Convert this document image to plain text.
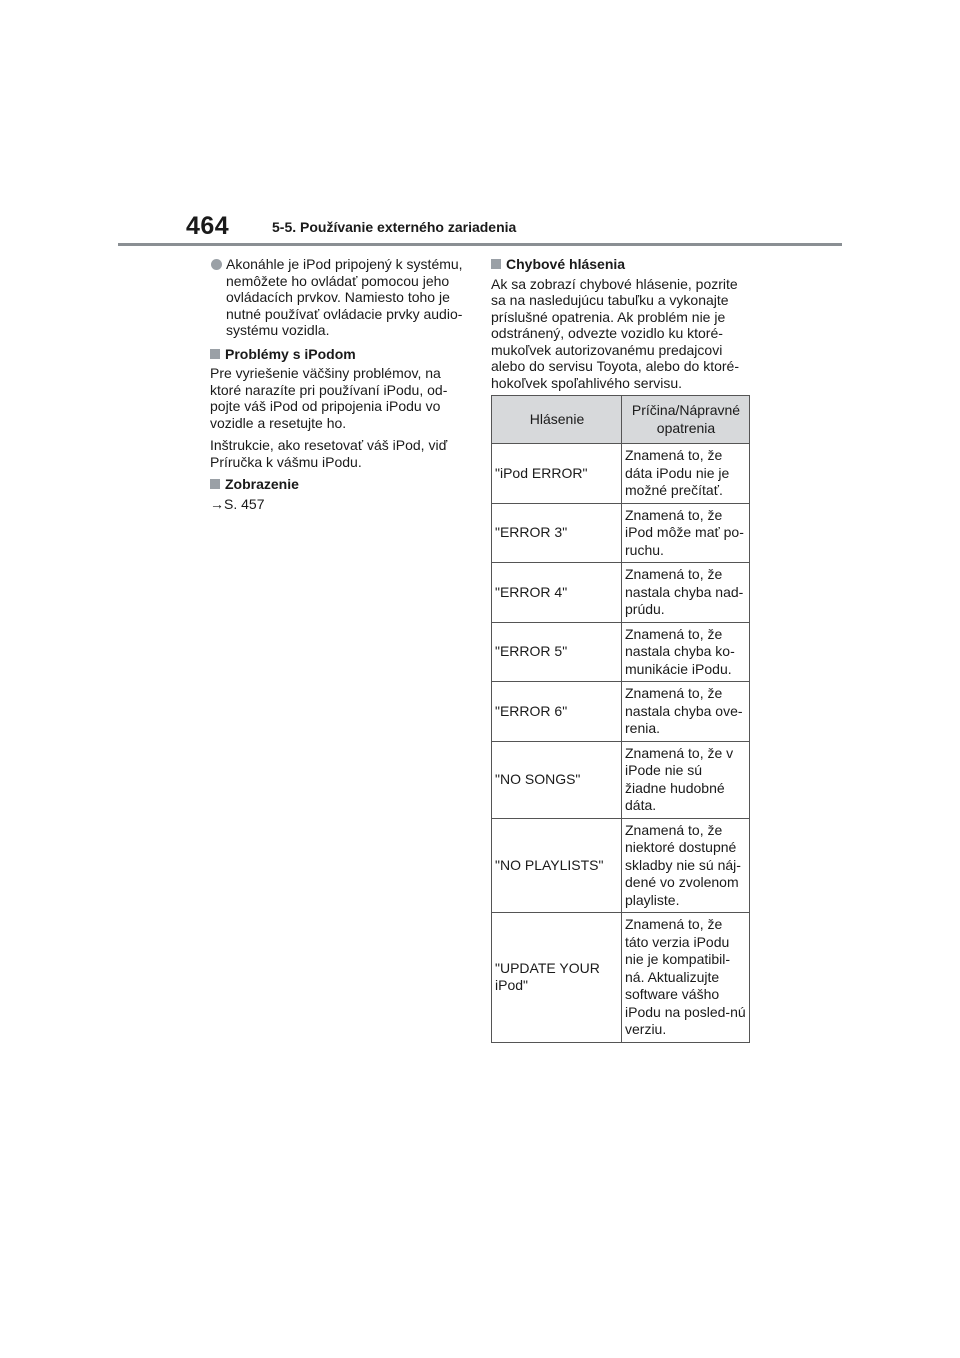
464	5-5. Používanie externého zariadenia

Akonáhle je iPod pripojený k systému, nemôžete ho ovládať pomocou jeho ovládacích prvkov. Namiesto toho je nutné používať ovládacie prvky audio-systému vozidla.

Problémy s iPodom

Pre vyriešenie väčšiny problémov, na ktoré narazíte pri používaní iPodu, od-pojte váš iPod od pripojenia iPodu vo vozidle a resetujte ho.

Inštrukcie, ako resetovať váš iPod, viď Príručka k vášmu iPodu.

Zobrazenie

→S. 457

Chybové hlásenia

Ak sa zobrazí chybové hlásenie, pozrite sa na nasledujúcu tabuľku a vykonajte príslušné opatrenia. Ak problém nie je odstránený, odvezte vozidlo ku ktoré-mukoľvek autorizovanému predajcovi alebo do servisu Toyota, alebo do ktoré-hokoľvek spoľahlivého servisu.

Hlásenie	Príčina/Nápravné opatrenia
"iPod ERROR"	Znamená to, že dáta iPodu nie je možné prečítať.
"ERROR 3"	Znamená to, že iPod môže mať po-ruchu.
"ERROR 4"	Znamená to, že nastala chyba nad-prúdu.
"ERROR 5"	Znamená to, že nastala chyba ko-munikácie iPodu.
"ERROR 6"	Znamená to, že nastala chyba ove-renia.
"NO SONGS"	Znamená to, že v iPode nie sú žiadne hudobné dáta.
"NO PLAYLISTS"	Znamená to, že niektoré dostupné skladby nie sú náj-dené vo zvolenom playliste.
"UPDATE YOUR iPod"	Znamená to, že táto verzia iPodu nie je kompatibil-ná. Aktualizujte software vášho iPodu na posled-nú verziu.
